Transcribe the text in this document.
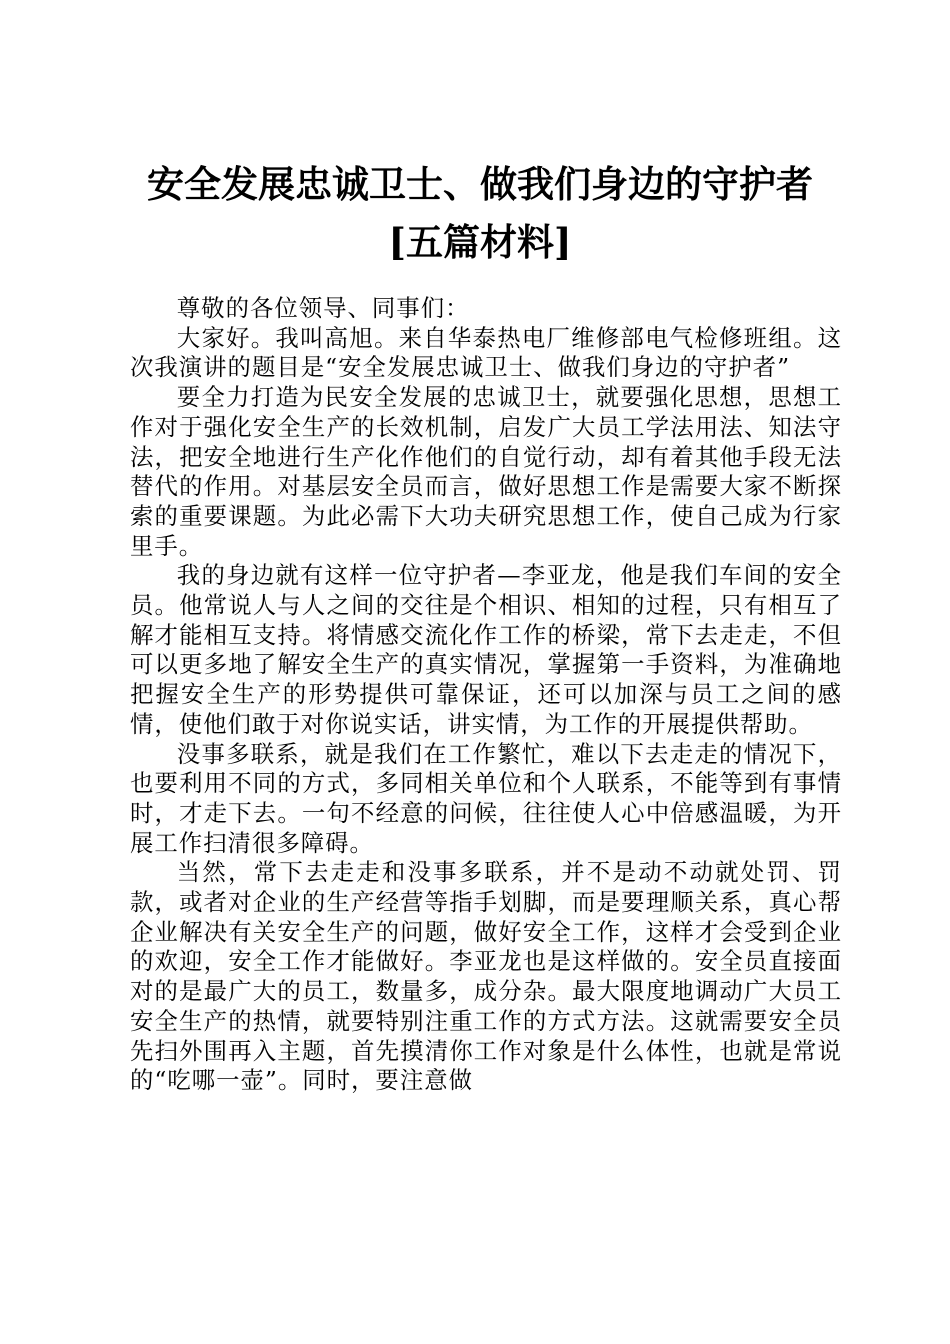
安全发展忠诚卫士、做我们身边的守护者[五篇材料]

尊敬的各位领导、同事们：

大家好。我叫高旭。来自华泰热电厂维修部电气检修班组。这次我演讲的题目是“安全发展忠诚卫士、做我们身边的守护者”

要全力打造为民安全发展的忠诚卫士，就要强化思想，思想工作对于强化安全生产的长效机制，启发广大员工学法用法、知法守法，把安全地进行生产化作他们的自觉行动，却有着其他手段无法替代的作用。对基层安全员而言，做好思想工作是需要大家不断探索的重要课题。为此必需下大功夫研究思想工作，使自己成为行家里手。

我的身边就有这样一位守护者—李亚龙，他是我们车间的安全员。他常说人与人之间的交往是个相识、相知的过程，只有相互了解才能相互支持。将情感交流化作工作的桥梁，常下去走走，不但可以更多地了解安全生产的真实情况，掌握第一手资料，为准确地把握安全生产的形势提供可靠保证，还可以加深与员工之间的感情，使他们敢于对你说实话，讲实情，为工作的开展提供帮助。

没事多联系，就是我们在工作繁忙，难以下去走走的情况下，也要利用不同的方式，多同相关单位和个人联系，不能等到有事情时，才走下去。一句不经意的问候，往往使人心中倍感温暖，为开展工作扫清很多障碍。

当然，常下去走走和没事多联系，并不是动不动就处罚、罚款，或者对企业的生产经营等指手划脚，而是要理顺关系，真心帮企业解决有关安全生产的问题，做好安全工作，这样才会受到企业的欢迎，安全工作才能做好。李亚龙也是这样做的。安全员直接面对的是最广大的员工，数量多，成分杂。最大限度地调动广大员工安全生产的热情，就要特别注重工作的方式方法。这就需要安全员先扫外围再入主题，首先摸清你工作对象是什么体性，也就是常说的“吃哪一壶”。同时，要注意做
